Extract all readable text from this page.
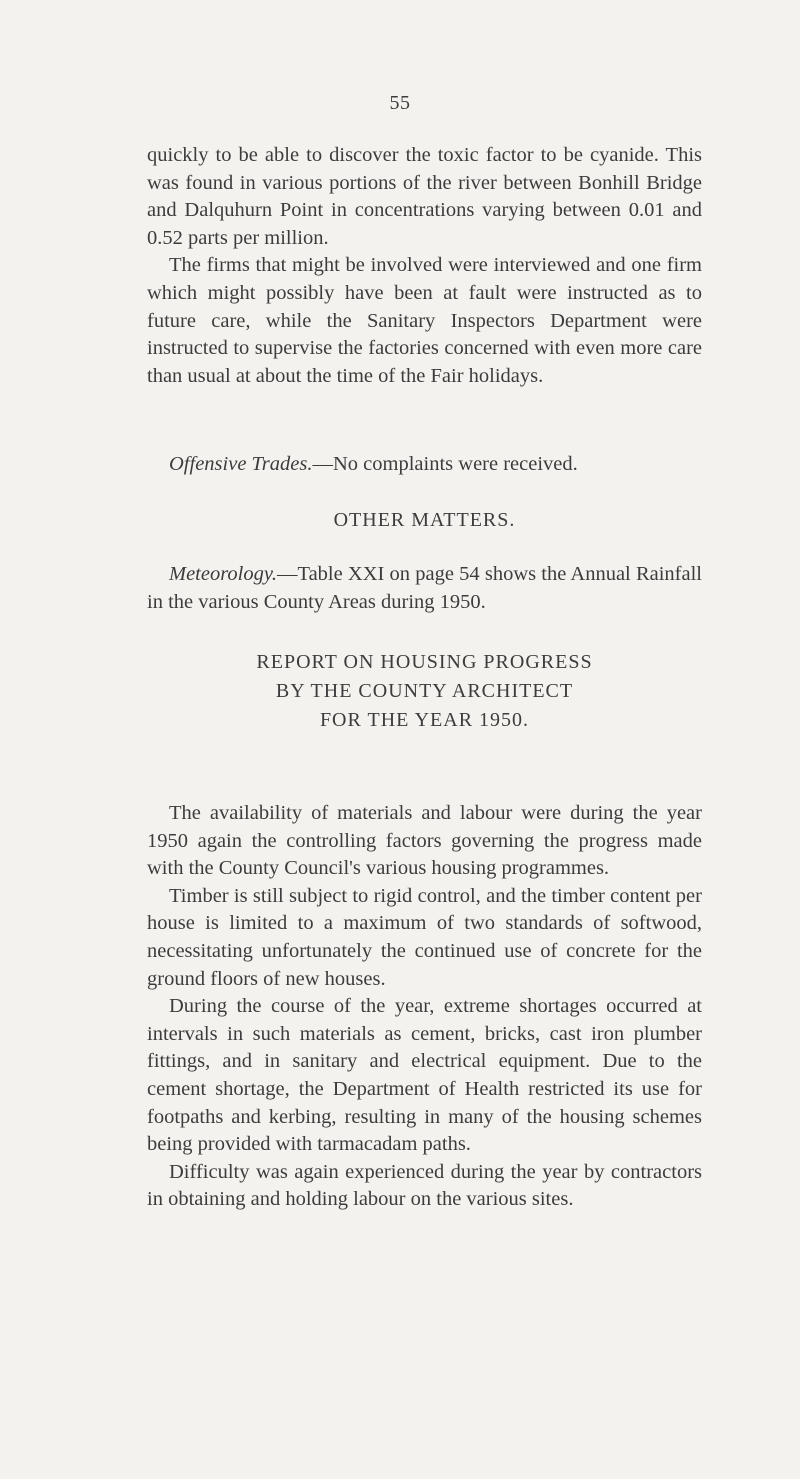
55

quickly to be able to discover the toxic factor to be cyanide. This was found in various portions of the river between Bonhill Bridge and Dalquhurn Point in concentrations varying between 0.01 and 0.52 parts per million.

The firms that might be involved were interviewed and one firm which might possibly have been at fault were instructed as to future care, while the Sanitary Inspectors Department were instructed to supervise the factories concerned with even more care than usual at about the time of the Fair holidays.

Offensive Trades.—No complaints were received.

OTHER MATTERS.

Meteorology.—Table XXI on page 54 shows the Annual Rainfall in the various County Areas during 1950.

REPORT ON HOUSING PROGRESS
BY THE COUNTY ARCHITECT
FOR THE YEAR 1950.

The availability of materials and labour were during the year 1950 again the controlling factors governing the progress made with the County Council's various housing programmes.

Timber is still subject to rigid control, and the timber content per house is limited to a maximum of two standards of softwood, necessitating unfortunately the continued use of concrete for the ground floors of new houses.

During the course of the year, extreme shortages occurred at intervals in such materials as cement, bricks, cast iron plumber fittings, and in sanitary and electrical equipment. Due to the cement shortage, the Department of Health restricted its use for footpaths and kerbing, resulting in many of the housing schemes being provided with tarmacadam paths.

Difficulty was again experienced during the year by contractors in obtaining and holding labour on the various sites.
